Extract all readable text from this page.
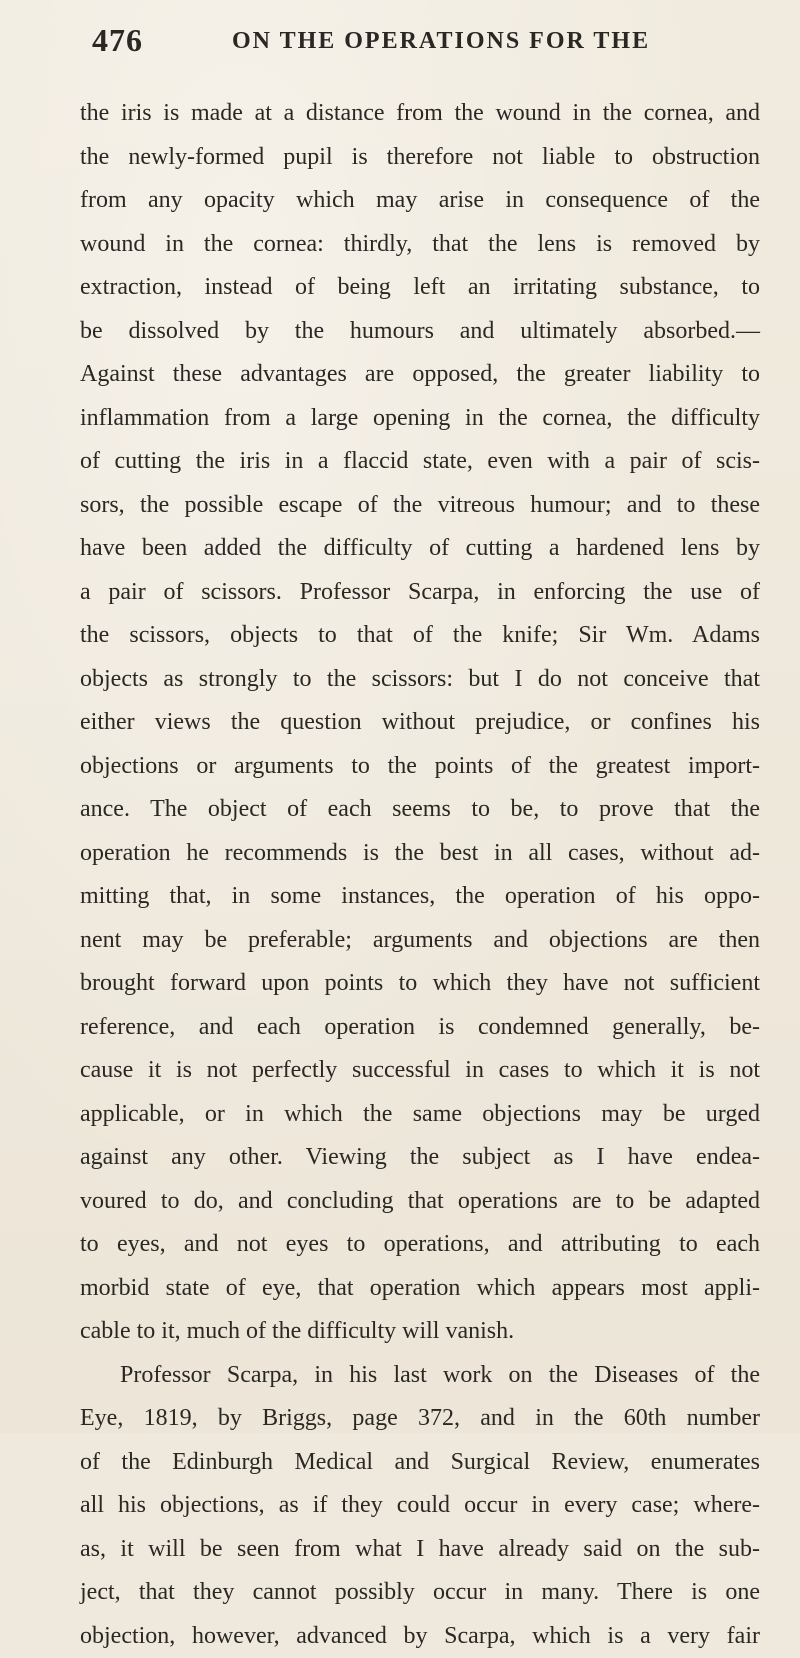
476	ON THE OPERATIONS FOR THE
the iris is made at a distance from the wound in the cornea, and
the newly-formed pupil is therefore not liable to obstruction
from any opacity which may arise in consequence of the
wound in the cornea: thirdly, that the lens is removed by
extraction, instead of being left an irritating substance, to
be dissolved by the humours and ultimately absorbed.—
Against these advantages are opposed, the greater liability to
inflammation from a large opening in the cornea, the difficulty
of cutting the iris in a flaccid state, even with a pair of scis-
sors, the possible escape of the vitreous humour; and to these
have been added the difficulty of cutting a hardened lens by
a pair of scissors. Professor Scarpa, in enforcing the use of
the scissors, objects to that of the knife; Sir Wm. Adams
objects as strongly to the scissors: but I do not conceive that
either views the question without prejudice, or confines his
objections or arguments to the points of the greatest import-
ance. The object of each seems to be, to prove that the
operation he recommends is the best in all cases, without ad-
mitting that, in some instances, the operation of his oppo-
nent may be preferable; arguments and objections are then
brought forward upon points to which they have not sufficient
reference, and each operation is condemned generally, be-
cause it is not perfectly successful in cases to which it is not
applicable, or in which the same objections may be urged
against any other. Viewing the subject as I have endea-
voured to do, and concluding that operations are to be adapted
to eyes, and not eyes to operations, and attributing to each
morbid state of eye, that operation which appears most appli-
cable to it, much of the difficulty will vanish.
Professor Scarpa, in his last work on the Diseases of the
Eye, 1819, by Briggs, page 372, and in the 60th number
of the Edinburgh Medical and Surgical Review, enumerates
all his objections, as if they could occur in every case; where-
as, it will be seen from what I have already said on the sub-
ject, that they cannot possibly occur in many. There is one
objection, however, advanced by Scarpa, which is a very fair
